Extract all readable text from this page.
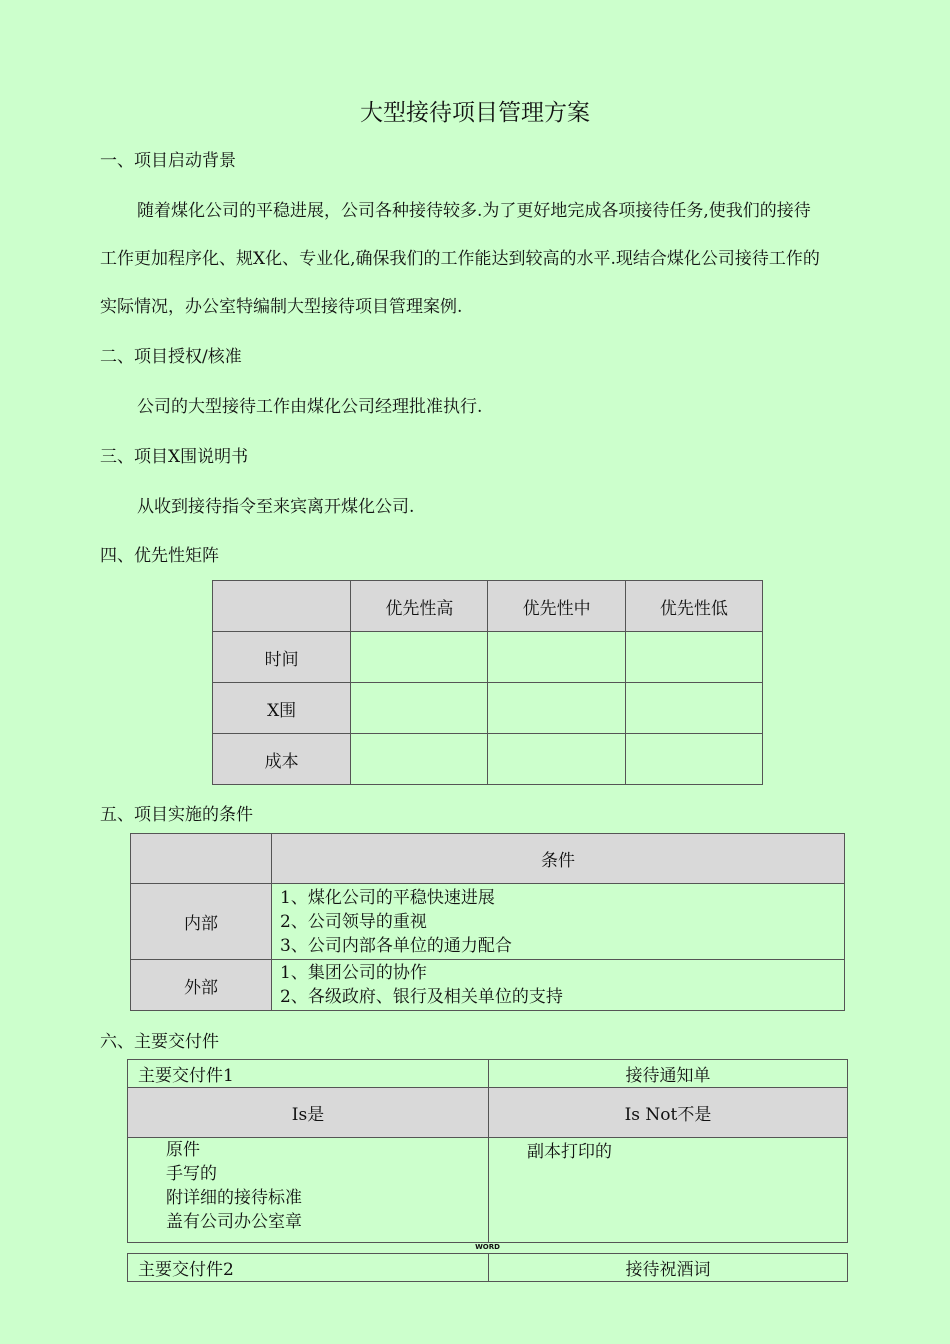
大型接待项目管理方案
一、项目启动背景
随着煤化公司的平稳进展，公司各种接待较多.为了更好地完成各项接待任务,使我们的接待
工作更加程序化、规X化、专业化,确保我们的工作能达到较高的水平.现结合煤化公司接待工作的
实际情况，办公室特编制大型接待项目管理案例.
二、项目授权/核准
公司的大型接待工作由煤化公司经理批准执行.
三、项目X围说明书
从收到接待指令至来宾离开煤化公司.
四、优先性矩阵
	优先性高	优先性中	优先性低
时间			
X围			
成本			
五、项目实施的条件
	条件
内部	1、煤化公司的平稳快速进展
2、公司领导的重视
3、公司内部各单位的通力配合

外部	1、集团公司的协作
2、各级政府、银行及相关单位的支持
六、主要交付件
主要交付件1	接待通知单
Is是	Is Not不是

原件
手写的
附详细的接待标准
盖有公司办公室章	副本打印的
WORD
主要交付件2	接待祝酒词
